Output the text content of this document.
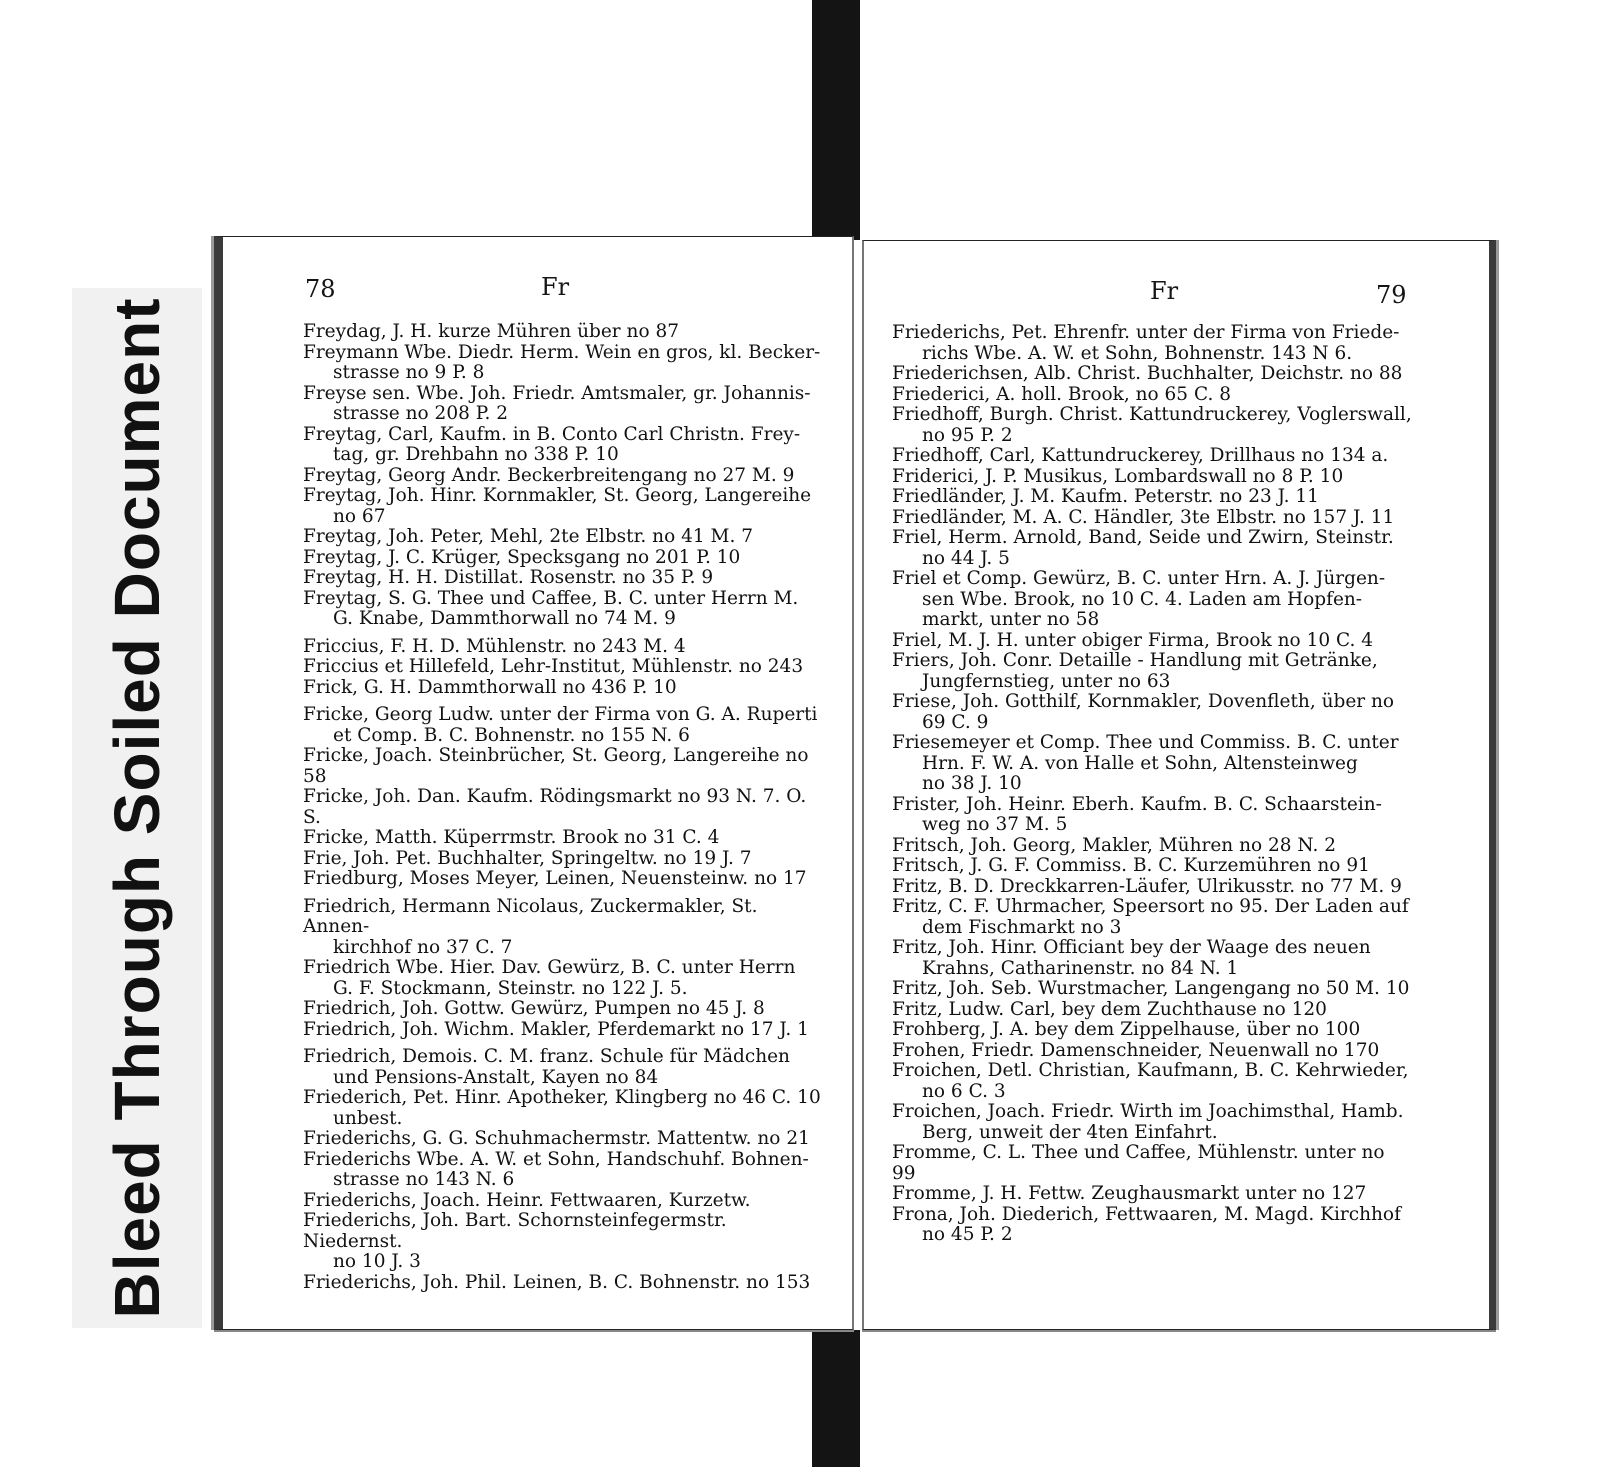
Bleed Through Soiled Document
78	Fr
Freydag, J. H. kurze Mühren über no 87
Freymann Wbe. Diedr. Herm. Wein en gros, kl. Becker-
strasse no 9 P. 8
Freyse sen. Wbe. Joh. Friedr. Amtsmaler, gr. Johannis-
strasse no 208 P. 2
Freytag, Carl, Kaufm. in B. Conto Carl Christn. Frey-
tag, gr. Drehbahn no 338 P. 10
Freytag, Georg Andr. Beckerbreitengang no 27 M. 9
Freytag, Joh. Hinr. Kornmakler, St. Georg, Langereihe
no 67
Freytag, Joh. Peter, Mehl, 2te Elbstr. no 41 M. 7
Freytag, J. C. Krüger, Specksgang no 201 P. 10
Freytag, H. H. Distillat. Rosenstr. no 35 P. 9
Freytag, S. G. Thee und Caffee, B. C. unter Herrn M.
G. Knabe, Dammthorwall no 74 M. 9
Friccius, F. H. D. Mühlenstr. no 243 M. 4
Friccius et Hillefeld, Lehr-Institut, Mühlenstr. no 243
Frick, G. H. Dammthorwall no 436 P. 10
Fricke, Georg Ludw. unter der Firma von G. A. Ruperti
et Comp. B. C. Bohnenstr. no 155 N. 6
Fricke, Joach. Steinbrücher, St. Georg, Langereihe no 58
Fricke, Joh. Dan. Kaufm. Rödingsmarkt no 93 N. 7. O. S.
Fricke, Matth. Küperrmstr. Brook no 31 C. 4
Frie, Joh. Pet. Buchhalter, Springeltw. no 19 J. 7
Friedburg, Moses Meyer, Leinen, Neuensteinw. no 17
Friedrich, Hermann Nicolaus, Zuckermakler, St. Annen-
kirchhof no 37 C. 7
Friedrich Wbe. Hier. Dav. Gewürz, B. C. unter Herrn
G. F. Stockmann, Steinstr. no 122 J. 5.
Friedrich, Joh. Gottw. Gewürz, Pumpen no 45 J. 8
Friedrich, Joh. Wichm. Makler, Pferdemarkt no 17 J. 1
Friedrich, Demois. C. M. franz. Schule für Mädchen
und Pensions-Anstalt, Kayen no 84
Friederich, Pet. Hinr. Apotheker, Klingberg no 46 C. 10
unbest.
Friederichs, G. G. Schuhmachermstr. Mattentw. no 21
Friederichs Wbe. A. W. et Sohn, Handschuhf. Bohnen-
strasse no 143 N. 6
Friederichs, Joach. Heinr. Fettwaaren, Kurzetw.
Friederichs, Joh. Bart. Schornsteinfegermstr. Niedernst.
no 10 J. 3
Friederichs, Joh. Phil. Leinen, B. C. Bohnenstr. no 153
Fr	79
Friederichs, Pet. Ehrenfr. unter der Firma von Friede-
richs Wbe. A. W. et Sohn, Bohnenstr. 143 N 6.
Friederichsen, Alb. Christ. Buchhalter, Deichstr. no 88
Friederici, A. holl. Brook, no 65 C. 8
Friedhoff, Burgh. Christ. Kattundruckerey, Voglerswall,
no 95 P. 2
Friedhoff, Carl, Kattundruckerey, Drillhaus no 134 a.
Friderici, J. P. Musikus, Lombardswall no 8 P. 10
Friedländer, J. M. Kaufm. Peterstr. no 23 J. 11
Friedländer, M. A. C. Händler, 3te Elbstr. no 157 J. 11
Friel, Herm. Arnold, Band, Seide und Zwirn, Steinstr.
no 44 J. 5
Friel et Comp. Gewürz, B. C. unter Hrn. A. J. Jürgen-
sen Wbe. Brook, no 10 C. 4. Laden am Hopfen-
markt, unter no 58
Friel, M. J. H. unter obiger Firma, Brook no 10 C. 4
Friers, Joh. Conr. Detaille - Handlung mit Getränke,
Jungfernstieg, unter no 63
Friese, Joh. Gotthilf, Kornmakler, Dovenfleth, über no
69 C. 9
Friesemeyer et Comp. Thee und Commiss. B. C. unter
Hrn. F. W. A. von Halle et Sohn, Altensteinweg
no 38 J. 10
Frister, Joh. Heinr. Eberh. Kaufm. B. C. Schaarstein-
weg no 37 M. 5
Fritsch, Joh. Georg, Makler, Mühren no 28 N. 2
Fritsch, J. G. F. Commiss. B. C. Kurzemühren no 91
Fritz, B. D. Dreckkarren-Läufer, Ulrikusstr. no 77 M. 9
Fritz, C. F. Uhrmacher, Speersort no 95. Der Laden auf
dem Fischmarkt no 3
Fritz, Joh. Hinr. Officiant bey der Waage des neuen
Krahns, Catharinenstr. no 84 N. 1
Fritz, Joh. Seb. Wurstmacher, Langengang no 50 M. 10
Fritz, Ludw. Carl, bey dem Zuchthause no 120
Frohberg, J. A. bey dem Zippelhause, über no 100
Frohen, Friedr. Damenschneider, Neuenwall no 170
Froichen, Detl. Christian, Kaufmann, B. C. Kehrwieder,
no 6 C. 3
Froichen, Joach. Friedr. Wirth im Joachimsthal, Hamb.
Berg, unweit der 4ten Einfahrt.
Fromme, C. L. Thee und Caffee, Mühlenstr. unter no 99
Fromme, J. H. Fettw. Zeughausmarkt unter no 127
Frona, Joh. Diederich, Fettwaaren, M. Magd. Kirchhof
no 45 P. 2
